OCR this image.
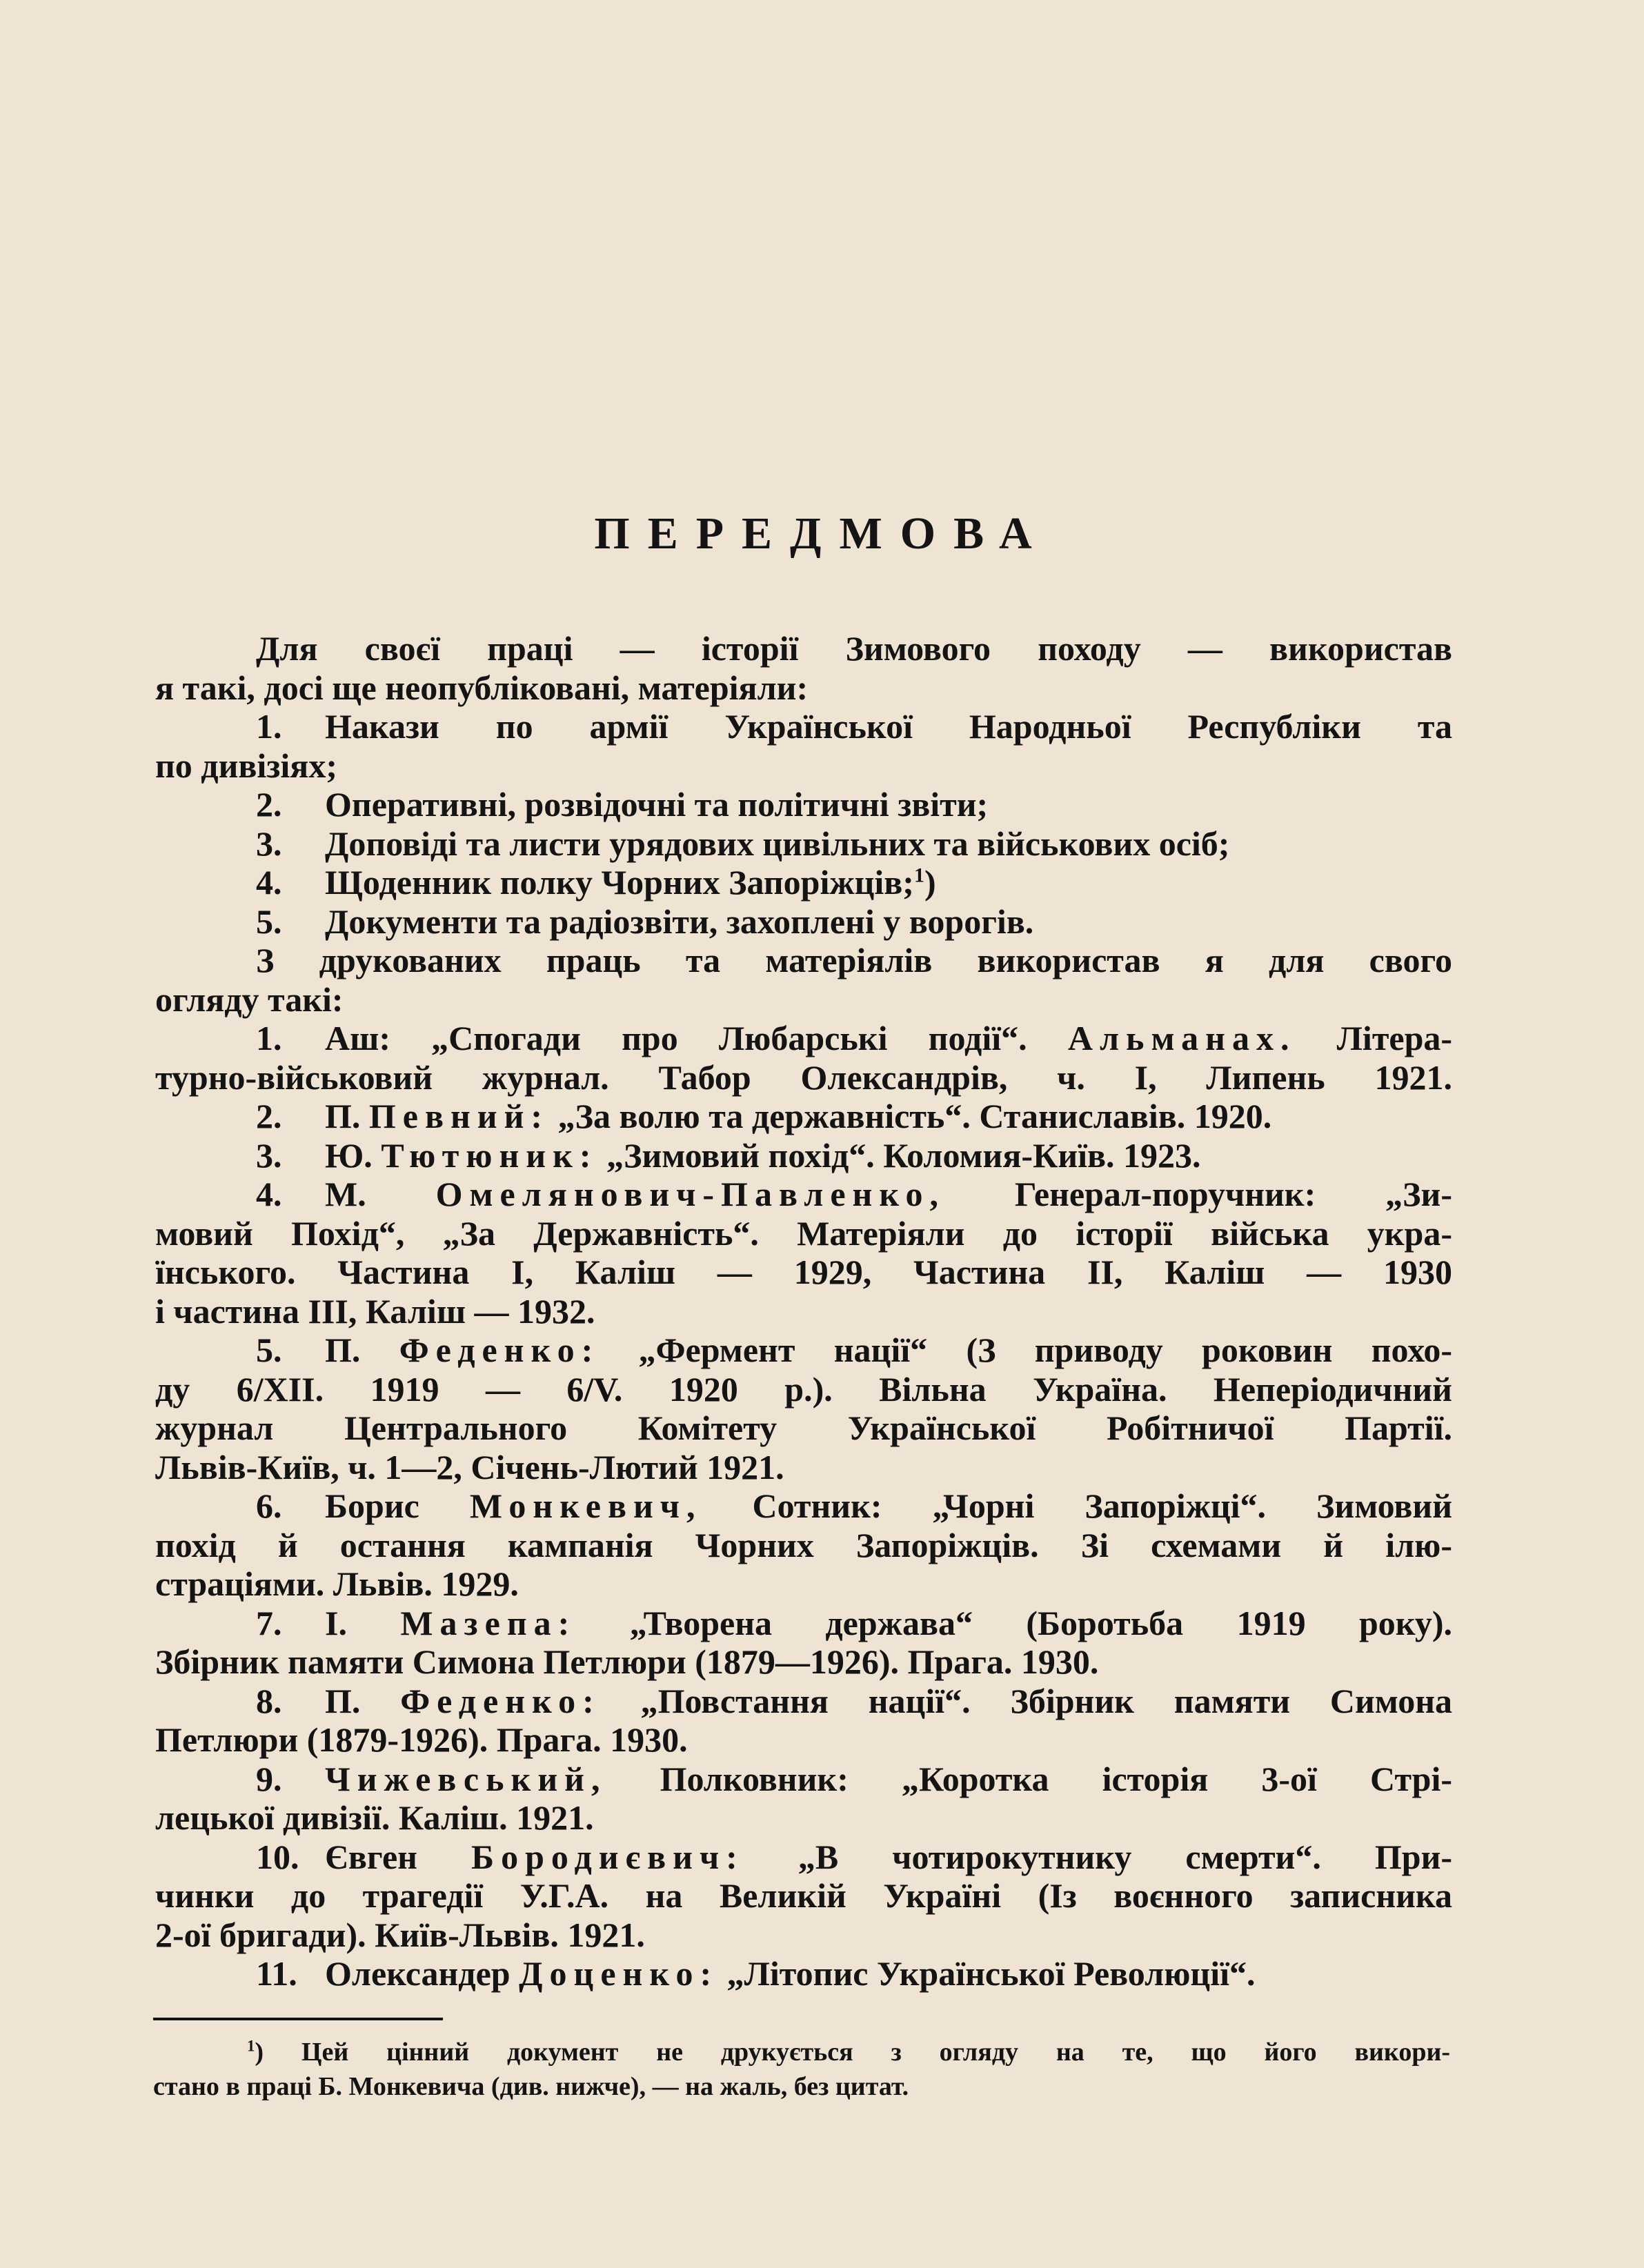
ПЕРЕДМОВА
Для своєї праці — історії Зимового походу — використав
я такі, досі ще неопубліковані, матеріяли:
1. Накази по армії Української Народньої Республіки та
по дивізіях;
2. Оперативні, розвідочні та політичні звіти;
3. Доповіді та листи урядових цивільних та військових осіб;
4. Щоденник полку Чорних Запоріжців;$^1$)
5. Документи та радіозвіти, захоплені у ворогів.
З друкованих праць та матеріялів використав я для свого
огляду такі:
1. Аш: „Спогади про Любарські події“. Альманах. Літера-
турно-військовий журнал. Табор Олександрів, ч. I, Липень 1921.
2. П. Певний: „За волю та державність“. Станиславів. 1920.
3. Ю. Тютюник: „Зимовий похід“. Коломия-Київ. 1923.
4. М. Омелянович-Павленко, Генерал-поручник: „Зи-
мовий Похід“, „За Державність“. Матеріяли до історії війська укра-
їнського. Частина I, Каліш — 1929, Частина II, Каліш — 1930
і частина III, Каліш — 1932.
5. П. Феденко: „Фермент нації“ (З приводу роковин похо-
ду 6/XII. 1919 — 6/V. 1920 р.). Вільна Україна. Неперіодичний
журнал Центрального Комітету Української Робітничої Партії.
Львів-Київ, ч. 1—2, Січень-Лютий 1921.
6. Борис Монкевич, Сотник: „Чорні Запоріжці“. Зимовий
похід й остання кампанія Чорних Запоріжців. Зі схемами й ілю-
страціями. Львів. 1929.
7. І. Мазепа: „Творена держава“ (Боротьба 1919 року).
Збірник памяти Симона Петлюри (1879—1926). Прага. 1930.
8. П. Феденко: „Повстання нації“. Збірник памяти Симона
Петлюри (1879-1926). Прага. 1930.
9. Чижевський, Полковник: „Коротка історія 3-ої Стрі-
лецької дивізії. Каліш. 1921.
10. Євген Бородиєвич: „В чотирокутнику смерти“. При-
чинки до трагедії У.Г.А. на Великій Україні (Із воєнного записника
2-ої бригади). Київ-Львів. 1921.
11. Олександер Доценко: „Літопис Української Революції“.
$^1$) Цей цінний документ не друкується з огляду на те, що його викори-
стано в праці Б. Монкевича (див. нижче), — на жаль, без цитат.
